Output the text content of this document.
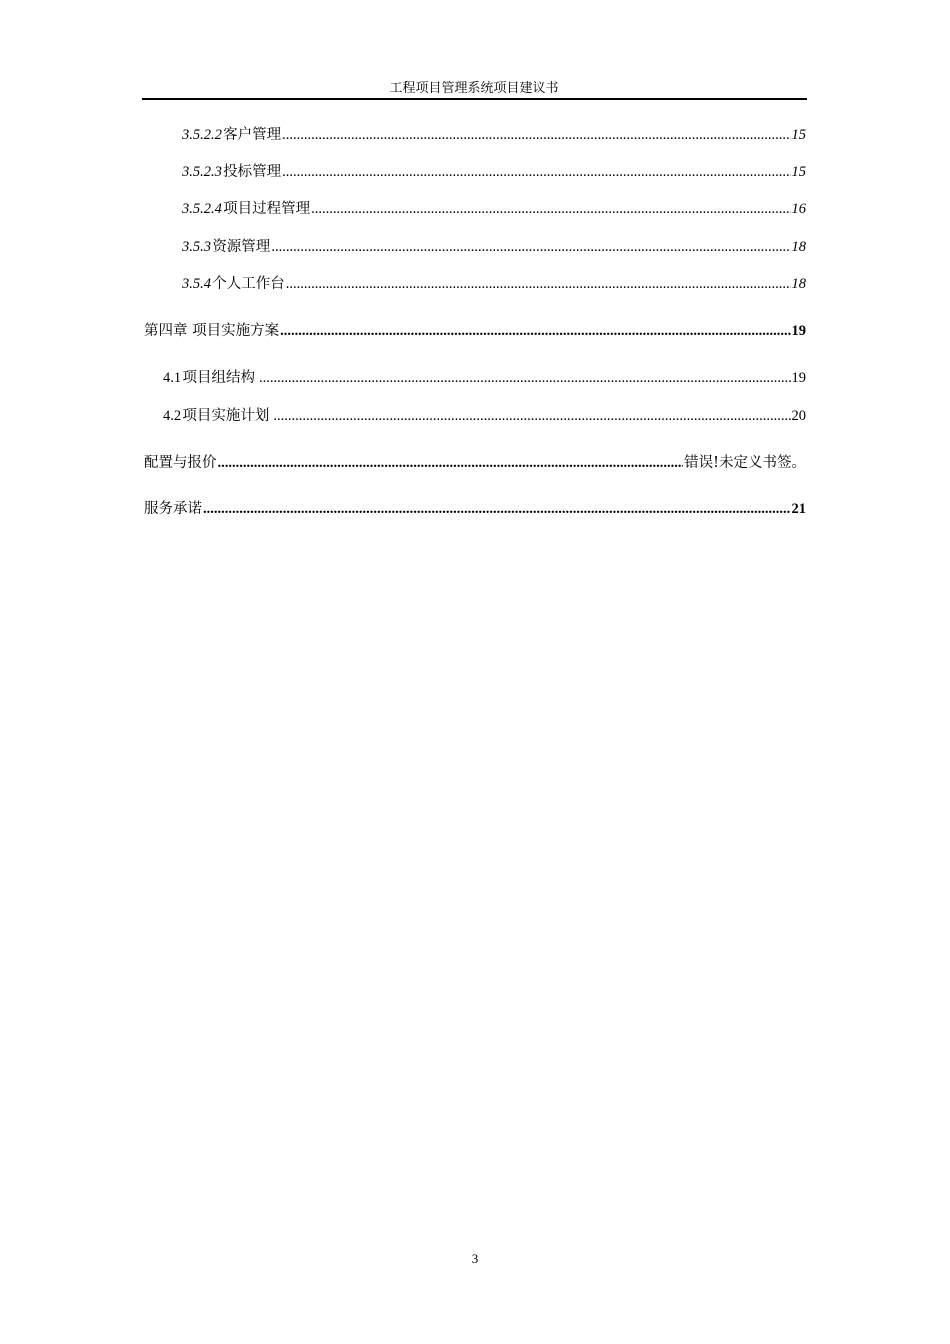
工程项目管理系统项目建议书
3.5.2.2 客户管理 .....	15
3.5.2.3 投标管理 .....	15
3.5.2.4 项目过程管理 .....	16
3.5.3 资源管理 .....	18
3.5.4 个人工作台 .....	18
第四章 项目实施方案 .....	19
4.1 项目组结构 .....	19
4.2 项目实施计划 .....	20
配置与报价 .....	错误!未定义书签。
服务承诺 .....	21
3
